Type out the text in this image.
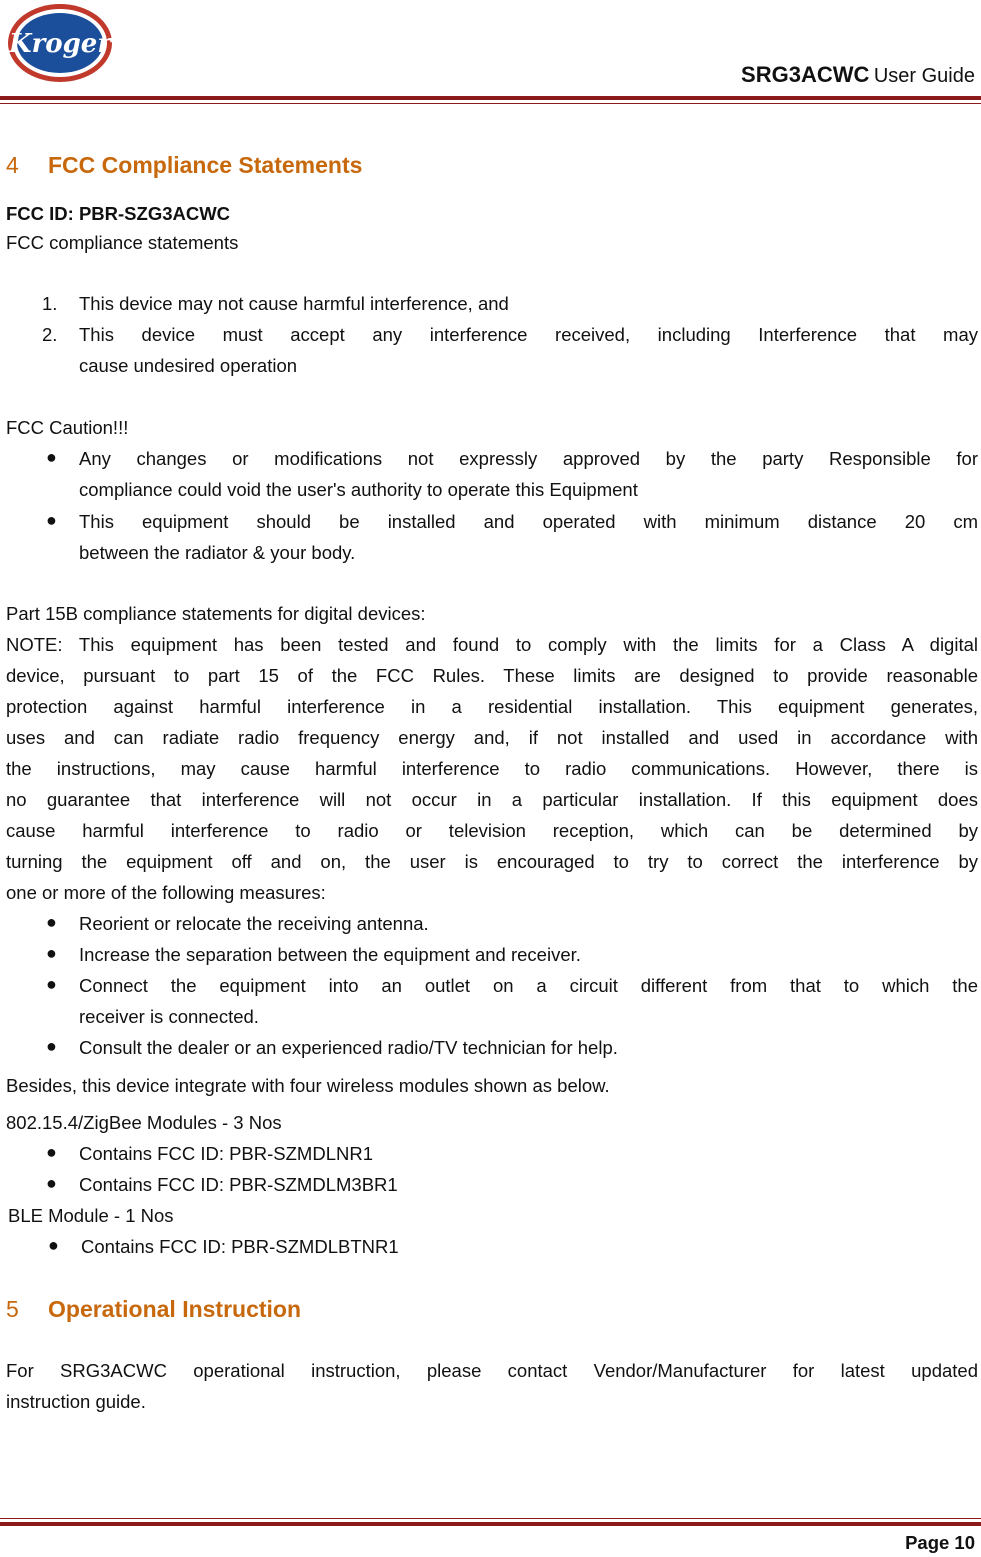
Kroger
SRG3ACWC User Guide
4 FCC Compliance Statements
FCC ID: PBR-SZG3ACWC
FCC compliance statements
1. This device may not cause harmful interference, and
2. This device must accept any interference received, including Interference that may
cause undesired operation
FCC Caution!!!
● Any changes or modifications not expressly approved by the party Responsible for
compliance could void the user's authority to operate this Equipment
● This equipment should be installed and operated with minimum distance 20 cm
between the radiator & your body.
Part 15B compliance statements for digital devices:
NOTE: This equipment has been tested and found to comply with the limits for a Class A digital
device, pursuant to part 15 of the FCC Rules. These limits are designed to provide reasonable
protection against harmful interference in a residential installation. This equipment generates,
uses and can radiate radio frequency energy and, if not installed and used in accordance with
the instructions, may cause harmful interference to radio communications. However, there is
no guarantee that interference will not occur in a particular installation. If this equipment does
cause harmful interference to radio or television reception, which can be determined by
turning the equipment off and on, the user is encouraged to try to correct the interference by
one or more of the following measures:
● Reorient or relocate the receiving antenna.
● Increase the separation between the equipment and receiver.
● Connect the equipment into an outlet on a circuit different from that to which the
receiver is connected.
● Consult the dealer or an experienced radio/TV technician for help.
Besides, this device integrate with four wireless modules shown as below.
802.15.4/ZigBee Modules - 3 Nos
● Contains FCC ID: PBR-SZMDLNR1
● Contains FCC ID: PBR-SZMDLM3BR1
BLE Module - 1 Nos
● Contains FCC ID: PBR-SZMDLBTNR1
5 Operational Instruction
For SRG3ACWC operational instruction, please contact Vendor/Manufacturer for latest updated
instruction guide.
Page 10
